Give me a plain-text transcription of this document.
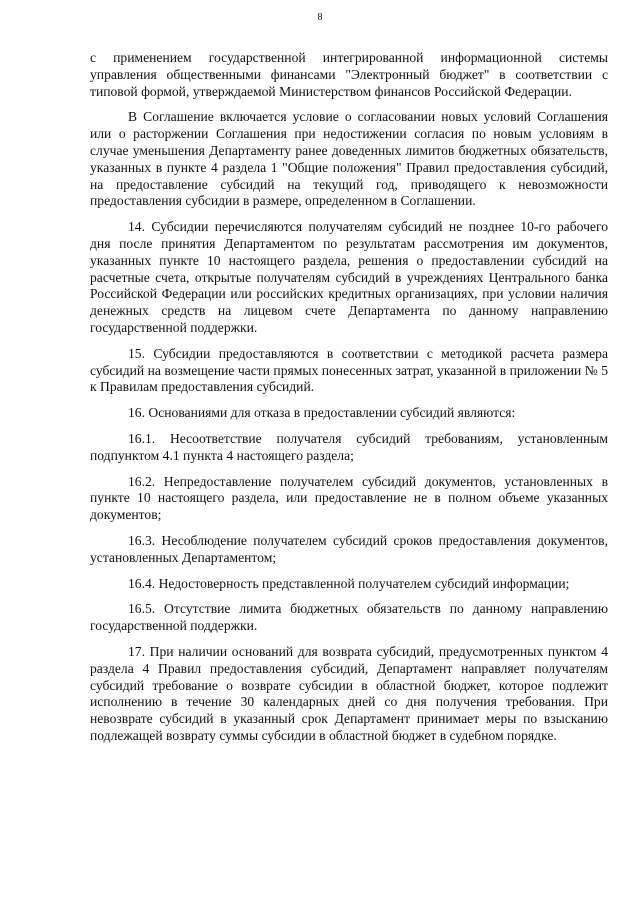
8

с применением государственной интегрированной информационной системы управления общественными финансами "Электронный бюджет" в соответствии с типовой формой, утверждаемой Министерством финансов Российской Федерации.

В Соглашение включается условие о согласовании новых условий Соглашения или о расторжении Соглашения при недостижении согласия по новым условиям в случае уменьшения Департаменту ранее доведенных лимитов бюджетных обязательств, указанных в пункте 4 раздела 1 "Общие положения" Правил предоставления субсидий, на предоставление субсидий на текущий год, приводящего к невозможности предоставления субсидии в размере, определенном в Соглашении.

14. Субсидии перечисляются получателям субсидий не позднее 10-го рабочего дня после принятия Департаментом по результатам рассмотрения им документов, указанных пункте 10 настоящего раздела, решения о предоставлении субсидий на расчетные счета, открытые получателям субсидий в учреждениях Центрального банка Российской Федерации или российских кредитных организациях, при условии наличия денежных средств на лицевом счете Департамента по данному направлению государственной поддержки.

15. Субсидии предоставляются в соответствии с методикой расчета размера субсидий на возмещение части прямых понесенных затрат, указанной в приложении № 5 к Правилам предоставления субсидий.

16. Основаниями для отказа в предоставлении субсидий являются:

16.1. Несоответствие получателя субсидий требованиям, установленным подпунктом 4.1 пункта 4 настоящего раздела;

16.2. Непредоставление получателем субсидий документов, установленных в пункте 10 настоящего раздела, или предоставление не в полном объеме указанных документов;

16.3. Несоблюдение получателем субсидий сроков предоставления документов, установленных Департаментом;

16.4. Недостоверность представленной получателем субсидий информации;

16.5. Отсутствие лимита бюджетных обязательств по данному направлению государственной поддержки.

17. При наличии оснований для возврата субсидий, предусмотренных пунктом 4 раздела 4 Правил предоставления субсидий, Департамент направляет получателям субсидий требование о возврате субсидии в областной бюджет, которое подлежит исполнению в течение 30 календарных дней со дня получения требования. При невозврате субсидий в указанный срок Департамент принимает меры по взысканию подлежащей возврату суммы субсидии в областной бюджет в судебном порядке.
